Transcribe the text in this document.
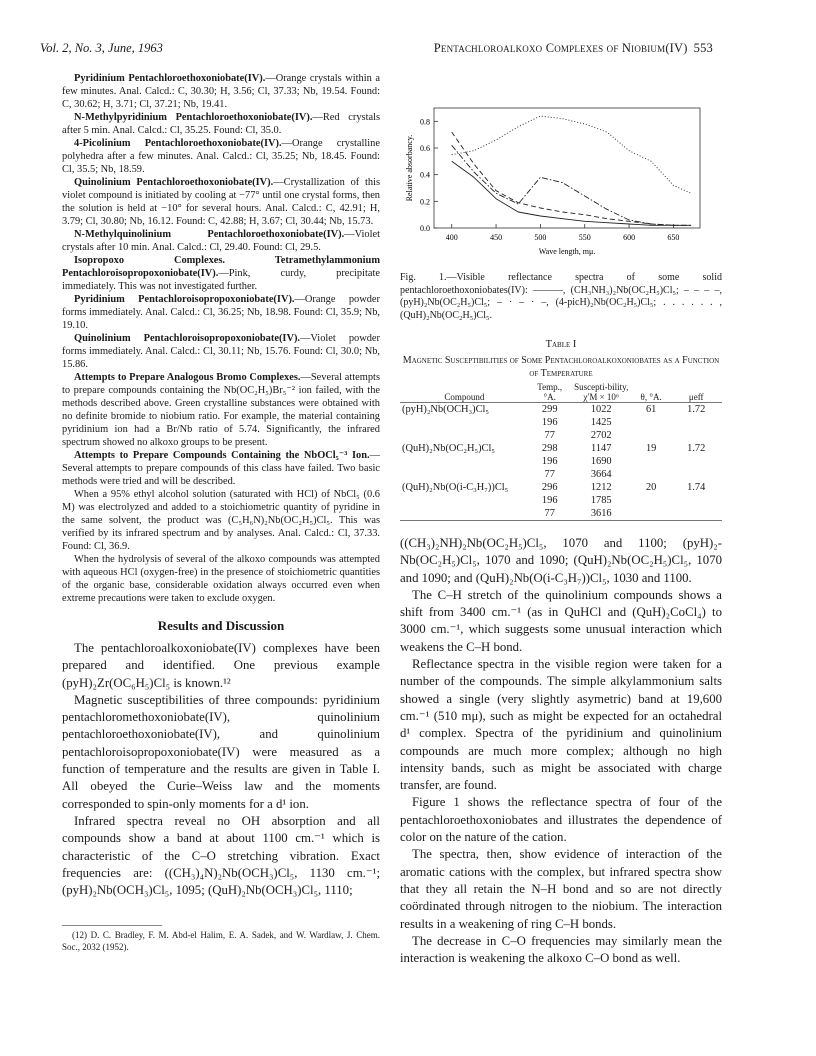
Vol. 2, No. 3, June, 1963	Pentachloroalkoxo Complexes of Niobium(IV) 553

Pyridinium Pentachloroethoxoniobate(IV).—Orange crystals within a few minutes. Anal. Calcd.: C, 30.30; H, 3.56; Cl, 37.33; Nb, 19.54. Found: C, 30.62; H, 3.71; Cl, 37.21; Nb, 19.41.

N-Methylpyridinium Pentachloroethoxoniobate(IV).—Red crystals after 5 min. Anal. Calcd.: Cl, 35.25. Found: Cl, 35.0.

4-Picolinium Pentachloroethoxoniobate(IV).—Orange crystalline polyhedra after a few minutes. Anal. Calcd.: Cl, 35.25; Nb, 18.45. Found: Cl, 35.5; Nb, 18.59.

Quinolinium Pentachloroethoxoniobate(IV).—Crystallization of this violet compound is initiated by cooling at −77° until one crystal forms, then the solution is held at −10° for several hours. Anal. Calcd.: C, 42.91; H, 3.79; Cl, 30.80; Nb, 16.12. Found: C, 42.88; H, 3.67; Cl, 30.44; Nb, 15.73.

N-Methylquinolinium Pentachloroethoxoniobate(IV).—Violet crystals after 10 min. Anal. Calcd.: Cl, 29.40. Found: Cl, 29.5.

Isopropoxo Complexes. Tetramethylammonium Pentachloroisopropoxoniobate(IV).—Pink, curdy, precipitate immediately. This was not investigated further.

Pyridinium Pentachloroisopropoxoniobate(IV).—Orange powder forms immediately. Anal. Calcd.: Cl, 36.25; Nb, 18.98. Found: Cl, 35.9; Nb, 19.10.

Quinolinium Pentachloroisopropoxoniobate(IV).—Violet powder forms immediately. Anal. Calcd.: Cl, 30.11; Nb, 15.76. Found: Cl, 30.0; Nb, 15.86.

Attempts to Prepare Analogous Bromo Complexes.—Several attempts to prepare compounds containing the Nb(OC₂H₅)Br₅⁻² ion failed, with the methods described above. Green crystalline substances were obtained with no definite bromide to niobium ratio. For example, the material containing pyridinium ion had a Br/Nb ratio of 5.74. Significantly, the infrared spectrum showed no alkoxo groups to be present.

Attempts to Prepare Compounds Containing the NbOCl₅⁻³ Ion.—Several attempts to prepare compounds of this class have failed. Two basic methods were tried and will be described.

When a 95% ethyl alcohol solution (saturated with HCl) of NbCl₅ (0.6 M) was electrolyzed and added to a stoichiometric quantity of pyridine in the same solvent, the product was (C₅H₆N)₂Nb(OC₂H₅)Cl₅. This was verified by its infrared spectrum and by analyses. Anal. Calcd.: Cl, 37.33. Found: Cl, 36.9.

When the hydrolysis of several of the alkoxo compounds was attempted with aqueous HCl (oxygen-free) in the presence of stoichiometric quantities of the organic base, considerable oxidation always occurred even when extreme precautions were taken to exclude oxygen.

Results and Discussion

The pentachloroalkoxoniobate(IV) complexes have been prepared and identified. One previous example (pyH)₂Zr(OC₆H₅)Cl₅ is known.¹²

Magnetic susceptibilities of three compounds: pyridinium pentachloromethoxoniobate(IV), quinolinium pentachloroethoxoniobate(IV), and quinolinium pentachloroisopropoxoniobate(IV) were measured as a function of temperature and the results are given in Table I. All obeyed the Curie–Weiss law and the moments corresponded to spin-only moments for a d¹ ion.

Infrared spectra reveal no OH absorption and all compounds show a band at about 1100 cm.⁻¹ which is characteristic of the C–O stretching vibration. Exact frequencies are: ((CH₃)₄N)₂Nb(OCH₃)Cl₅, 1130 cm.⁻¹; (pyH)₂Nb(OCH₃)Cl₅, 1095; (QuH)₂Nb(OCH₃)Cl₅, 1110;

(12) D. C. Bradley, F. M. Abd-el Halim, E. A. Sadek, and W. Wardlaw, J. Chem. Soc., 2032 (1952).

0.0
0.2
0.4
0.6
0.8
400	450	500	550	600	650
Wave length, mμ.
Relative absorbancy.
Fig. 1.—Visible reflectance spectra of some solid pentachloroethoxoniobates(IV): ———, (CH₃NH₃)₂Nb(OC₂H₅)Cl₅; – – – –, (pyH)₂Nb(OC₂H₅)Cl₅; – · – · –, (4-picH)₂Nb(OC₂H₅)Cl₅; . . . . . . , (QuH)₂Nb(OC₂H₅)Cl₅.
Table I
Magnetic Susceptibilities of Some Pentachloroalkoxoniobates as a Function of Temperature
Compound	Temp., °A.	Suscepti-bility, χ′M × 10⁶	θ, °A.	μeff
(pyH)₂Nb(OCH₃)Cl₅	299	1022	61	1.72
	196	1425		
	77	2702		
(QuH)₂Nb(OC₂H₅)Cl₅	298	1147	19	1.72
	196	1690		
	77	3664		
(QuH)₂Nb(O(i-C₃H₇))Cl₅	296	1212	20	1.74
	196	1785		
	77	3616		

((CH₃)₂NH)₂Nb(OC₂H₅)Cl₅, 1070 and 1100; (pyH)₂-Nb(OC₂H₅)Cl₅, 1070 and 1090; (QuH)₂Nb(OC₂H₅)Cl₅, 1070 and 1090; and (QuH)₂Nb(O(i-C₃H₇))Cl₅, 1030 and 1100.

The C–H stretch of the quinolinium compounds shows a shift from 3400 cm.⁻¹ (as in QuHCl and (QuH)₂CoCl₄) to 3000 cm.⁻¹, which suggests some unusual interaction which weakens the C–H bond.

Reflectance spectra in the visible region were taken for a number of the compounds. The simple alkylammonium salts showed a single (very slightly asymetric) band at 19,600 cm.⁻¹ (510 mμ), such as might be expected for an octahedral d¹ complex. Spectra of the pyridinium and quinolinium compounds are much more complex; although no high intensity bands, such as might be associated with charge transfer, are found.

Figure 1 shows the reflectance spectra of four of the pentachloroethoxoniobates and illustrates the dependence of color on the nature of the cation.

The spectra, then, show evidence of interaction of the aromatic cations with the complex, but infrared spectra show that they all retain the N–H bond and so are not directly coördinated through nitrogen to the niobium. The interaction results in a weakening of ring C–H bonds.

The decrease in C–O frequencies may similarly mean the interaction is weakening the alkoxo C–O bond as well.
